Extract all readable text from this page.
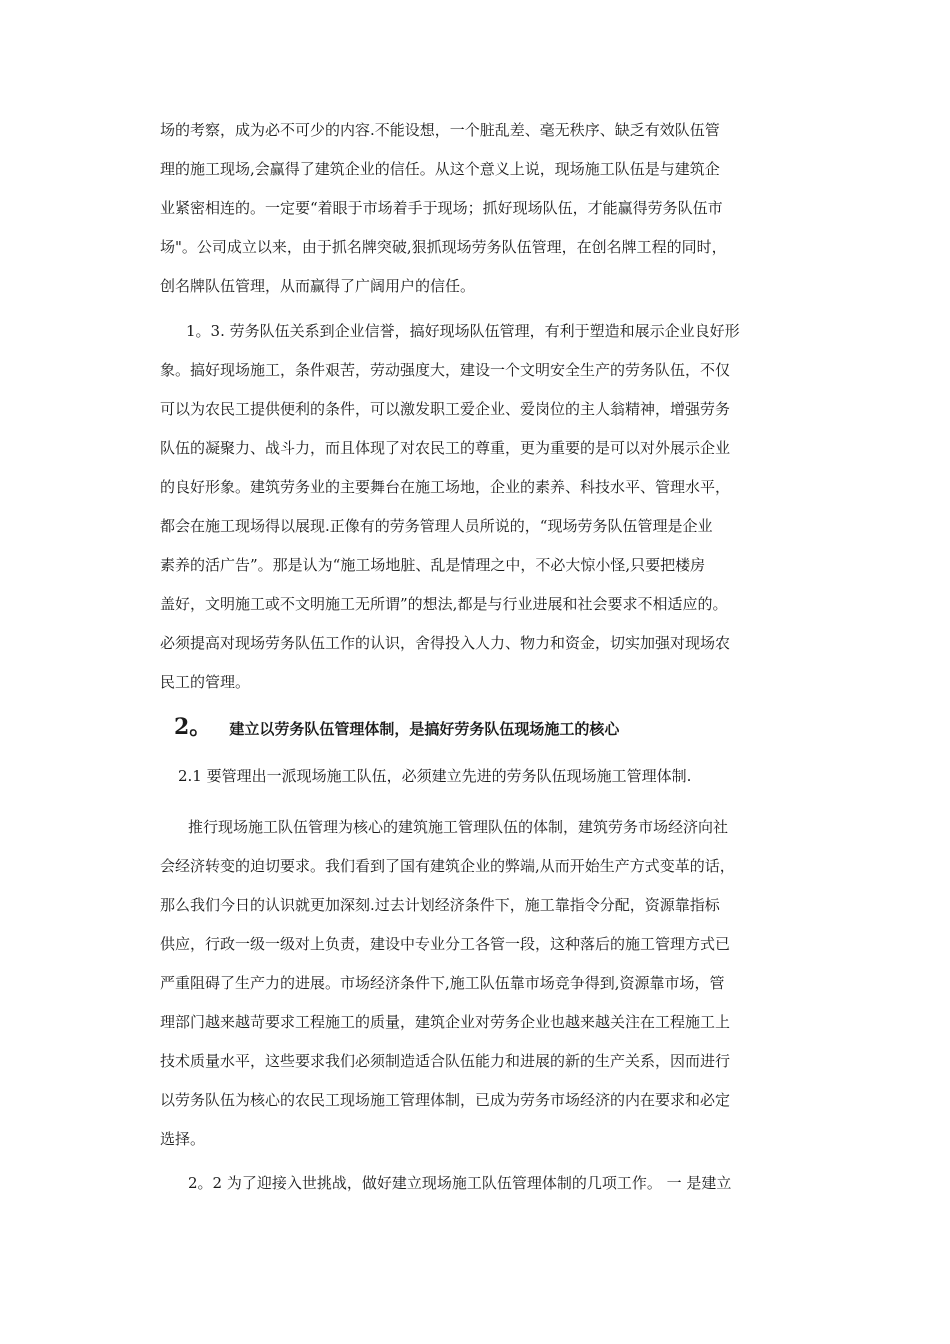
场的考察，成为必不可少的内容.不能设想，一个脏乱差、毫无秩序、缺乏有效队伍管
理的施工现场,会赢得了建筑企业的信任。从这个意义上说，现场施工队伍是与建筑企
业紧密相连的。一定要“着眼于市场着手于现场；抓好现场队伍，才能赢得劳务队伍市
场"。公司成立以来，由于抓名牌突破,狠抓现场劳务队伍管理，在创名牌工程的同时，
创名牌队伍管理，从而赢得了广阔用户的信任。
1。3. 劳务队伍关系到企业信誉，搞好现场队伍管理，有利于塑造和展示企业良好形
象。搞好现场施工，条件艰苦，劳动强度大，建设一个文明安全生产的劳务队伍，不仅
可以为农民工提供便利的条件，可以激发职工爱企业、爱岗位的主人翁精神，增强劳务
队伍的凝聚力、战斗力，而且体现了对农民工的尊重，更为重要的是可以对外展示企业
的良好形象。建筑劳务业的主要舞台在施工场地，企业的素养、科技水平、管理水平，
都会在施工现场得以展现.正像有的劳务管理人员所说的，“现场劳务队伍管理是企业
素养的活广告”。那是认为“施工场地脏、乱是情理之中，不必大惊小怪,只要把楼房
盖好，文明施工或不文明施工无所谓”的想法,都是与行业进展和社会要求不相适应的。
必须提高对现场劳务队伍工作的认识，舍得投入人力、物力和资金，切实加强对现场农
民工的管理。
2。 建立以劳务队伍管理体制，是搞好劳务队伍现场施工的核心
2.1 要管理出一派现场施工队伍，必须建立先进的劳务队伍现场施工管理体制.
推行现场施工队伍管理为核心的建筑施工管理队伍的体制，建筑劳务市场经济向社
会经济转变的迫切要求。我们看到了国有建筑企业的弊端,从而开始生产方式变革的话，
那么我们今日的认识就更加深刻.过去计划经济条件下，施工靠指令分配，资源靠指标
供应，行政一级一级对上负责，建设中专业分工各管一段，这种落后的施工管理方式已
严重阻碍了生产力的进展。市场经济条件下,施工队伍靠市场竞争得到,资源靠市场，管
理部门越来越苛要求工程施工的质量，建筑企业对劳务企业也越来越关注在工程施工上
技术质量水平，这些要求我们必须制造适合队伍能力和进展的新的生产关系，因而进行
以劳务队伍为核心的农民工现场施工管理体制，已成为劳务市场经济的内在要求和必定
选择。
2。2 为了迎接入世挑战，做好建立现场施工队伍管理体制的几项工作。 一 是建立
